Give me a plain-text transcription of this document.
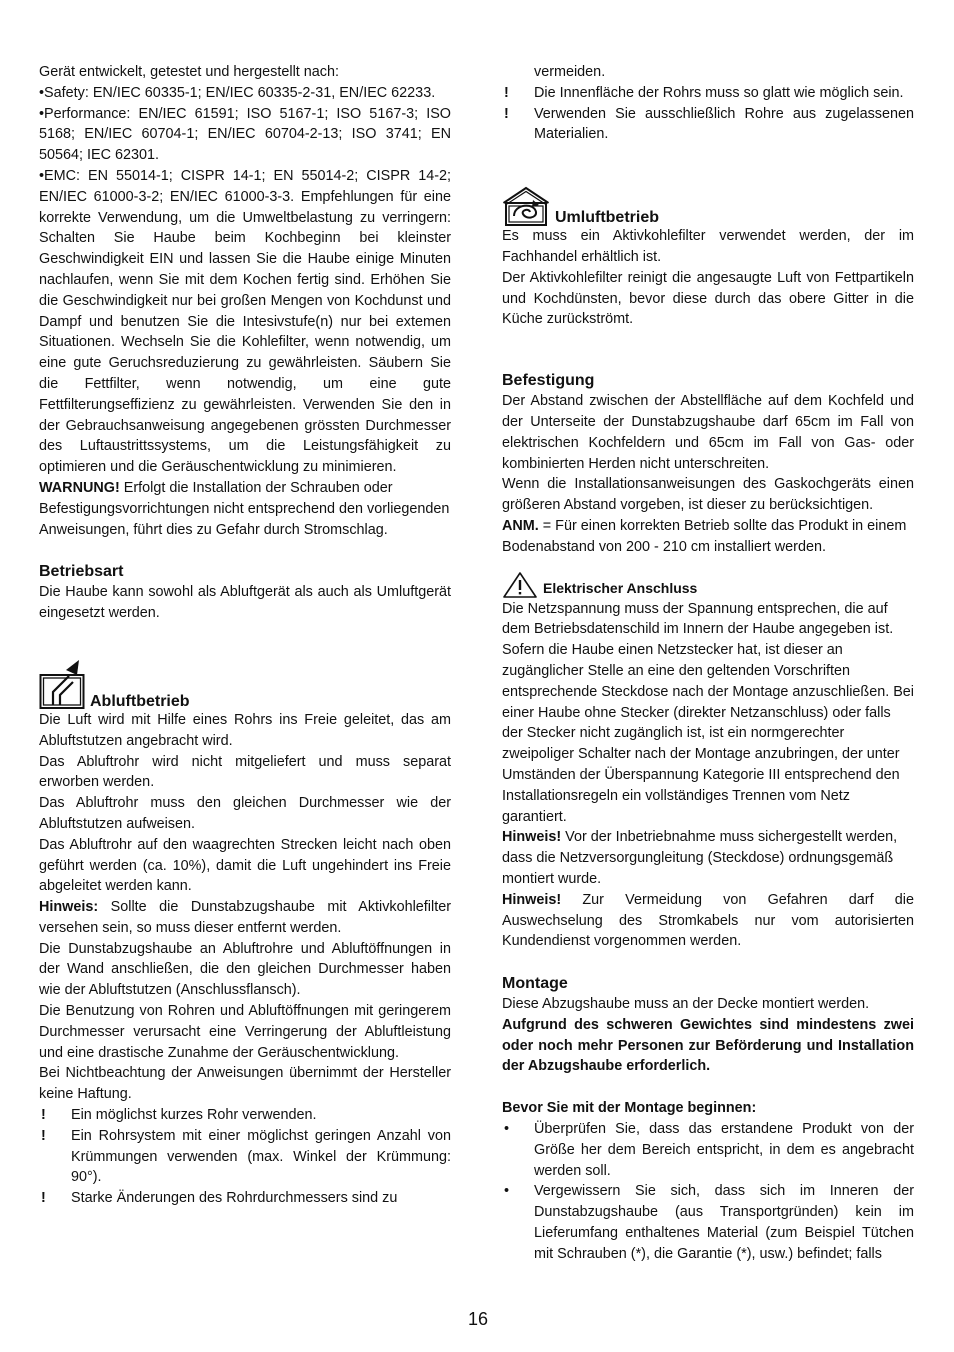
Gerät entwickelt, getestet und hergestellt nach:

•Safety: EN/IEC 60335-1; EN/IEC 60335-2-31, EN/IEC 62233.

•Performance: EN/IEC 61591; ISO 5167-1; ISO 5167-3; ISO 5168; EN/IEC 60704-1; EN/IEC 60704-2-13; ISO 3741; EN 50564; IEC 62301.

•EMC: EN 55014-1; CISPR 14-1; EN 55014-2; CISPR 14-2; EN/IEC 61000-3-2; EN/IEC 61000-3-3. Empfehlungen für eine korrekte Verwendung, um die Umweltbelastung zu verringern: Schalten Sie Haube beim Kochbeginn bei kleinster Geschwindigkeit EIN und lassen Sie die Haube einige Minuten nachlaufen, wenn Sie mit dem Kochen fertig sind. Erhöhen Sie die Geschwindigkeit nur bei großen Mengen von Kochdunst und Dampf und benutzen Sie die Intesivstufe(n) nur bei extemen Situationen. Wechseln Sie die Kohlefilter, wenn notwendig, um eine gute Geruchsreduzierung zu gewährleisten. Säubern Sie die Fettfilter, wenn notwendig, um eine gute Fettfilterungseffizienz zu gewährleisten. Verwenden Sie den in der Gebrauchsanweisung angegebenen grössten Durchmesser des Luftaustrittssystems, um die Leistungsfähigkeit zu optimieren und die Geräuschentwicklung zu minimieren.

WARNUNG! Erfolgt die Installation der Schrauben oder Befestigungsvorrichtungen nicht entsprechend den vorliegenden Anweisungen, führt dies zu Gefahr durch Stromschlag.

Betriebsart

Die Haube kann sowohl als Abluftgerät als auch als Umluftgerät eingesetzt werden.

Abluftbetrieb

Die Luft wird mit Hilfe eines Rohrs ins Freie geleitet, das am Abluftstutzen angebracht wird.

Das Abluftrohr wird nicht mitgeliefert und muss separat erworben werden.

Das Abluftrohr muss den gleichen Durchmesser wie der Abluftstutzen aufweisen.

Das Abluftrohr auf den waagrechten Strecken leicht nach oben geführt werden (ca. 10%), damit die Luft ungehindert ins Freie abgeleitet werden kann.

Hinweis: Sollte die Dunstabzugshaube mit Aktivkohlefilter versehen sein, so muss dieser entfernt werden.

Die Dunstabzugshaube an Abluftrohre und Abluftöffnungen in der Wand anschließen, die den gleichen Durchmesser haben wie der Abluftstutzen (Anschlussflansch).

Die Benutzung von Rohren und Abluftöffnungen mit geringerem Durchmesser verursacht eine Verringerung der Abluftleistung und eine drastische Zunahme der Geräuschentwicklung.

Bei Nichtbeachtung der Anweisungen übernimmt der Hersteller keine Haftung.

!	Ein möglichst kurzes Rohr verwenden.
!	Ein Rohrsystem mit einer möglichst geringen Anzahl von Krümmungen verwenden (max. Winkel der Krümmung: 90°).
!	Starke Änderungen des Rohrdurchmessers sind zu
vermeiden.
!	Die Innenfläche der Rohrs muss so glatt wie möglich sein.
!	Verwenden Sie ausschließlich Rohre aus zugelassenen Materialien.
Umluftbetrieb

Es muss ein Aktivkohlefilter verwendet werden, der im Fachhandel erhältlich ist.

Der Aktivkohlefilter reinigt die angesaugte Luft von Fettpartikeln und Kochdünsten, bevor diese durch das obere Gitter in die Küche zurückströmt.

Befestigung

Der Abstand zwischen der Abstellfläche auf dem Kochfeld und der Unterseite der Dunstabzugshaube darf 65cm im Fall von elektrischen Kochfeldern und 65cm im Fall von Gas- oder kombinierten Herden nicht unterschreiten.

Wenn die Installationsanweisungen des Gaskochgeräts einen größeren Abstand vorgeben, ist dieser zu berücksichtigen.

ANM. = Für einen korrekten Betrieb sollte das Produkt in einem Bodenabstand von 200 - 210 cm installiert werden.

Elektrischer Anschluss

Die Netzspannung muss der Spannung entsprechen, die auf dem Betriebsdatenschild im Innern der Haube angegeben ist. Sofern die Haube einen Netzstecker hat, ist dieser an zugänglicher Stelle an eine den geltenden Vorschriften entsprechende Steckdose nach der Montage anzuschließen. Bei einer Haube ohne Stecker (direkter Netzanschluss) oder falls der Stecker nicht zugänglich ist, ist ein normgerechter zweipoliger Schalter nach der Montage anzubringen, der unter Umständen der Überspannung Kategorie III entsprechend den Installationsregeln ein vollständiges Trennen vom Netz garantiert.

Hinweis! Vor der Inbetriebnahme muss sichergestellt werden, dass die Netzversorgungleitung (Steckdose) ordnungsgemäß montiert wurde.

Hinweis! Zur Vermeidung von Gefahren darf die Auswechselung des Stromkabels nur vom autorisierten Kundendienst vorgenommen werden.

Montage

Diese Abzugshaube muss an der Decke montiert werden.

Aufgrund des schweren Gewichtes sind mindestens zwei oder noch mehr Personen zur Beförderung und Installation der Abzugshaube erforderlich.

Bevor Sie mit der Montage beginnen:

•	Überprüfen Sie, dass das erstandene Produkt von der Größe her dem Bereich entspricht, in dem es angebracht werden soll.
•	Vergewissern Sie sich, dass sich im Inneren der Dunstabzugshaube (aus Transportgründen) kein im Lieferumfang enthaltenes Material (zum Beispiel Tütchen mit Schrauben (*), die Garantie (*), usw.) befindet; falls
16
